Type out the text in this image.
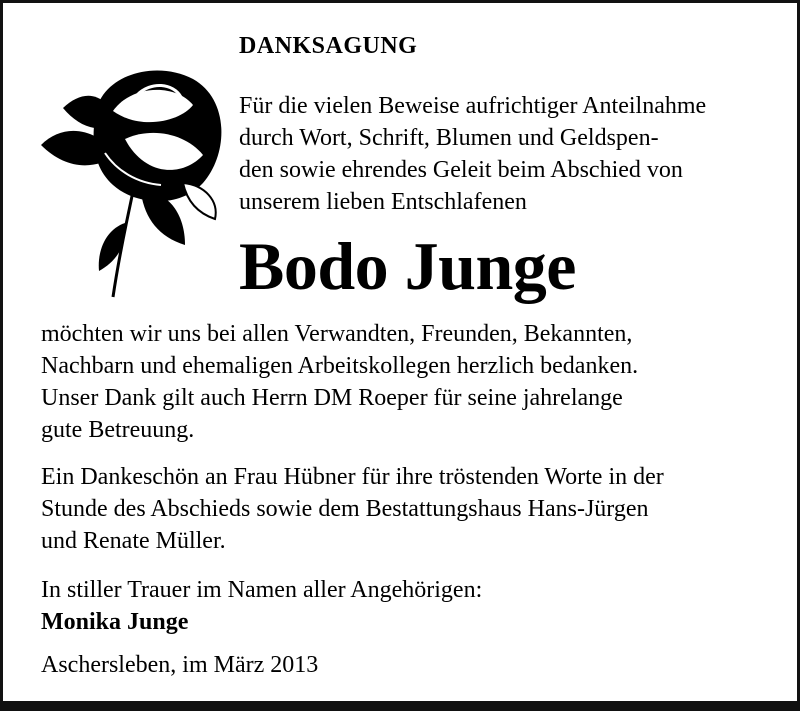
DANKSAGUNG
Für die vielen Beweise aufrichtiger Anteilnahme
durch Wort, Schrift, Blumen und Geldspen-
den sowie ehrendes Geleit beim Abschied von
unserem lieben Entschlafenen
Bodo Junge
möchten wir uns bei allen Verwandten, Freunden, Bekannten,
Nachbarn und ehemaligen Arbeitskollegen herzlich bedanken.
Unser Dank gilt auch Herrn DM Roeper für seine jahrelange
gute Betreuung.
Ein Dankeschön an Frau Hübner für ihre tröstenden Worte in der
Stunde des Abschieds sowie dem Bestattungshaus Hans-Jürgen
und Renate Müller.
In stiller Trauer im Namen aller Angehörigen:
Monika Junge
Aschersleben, im März 2013
